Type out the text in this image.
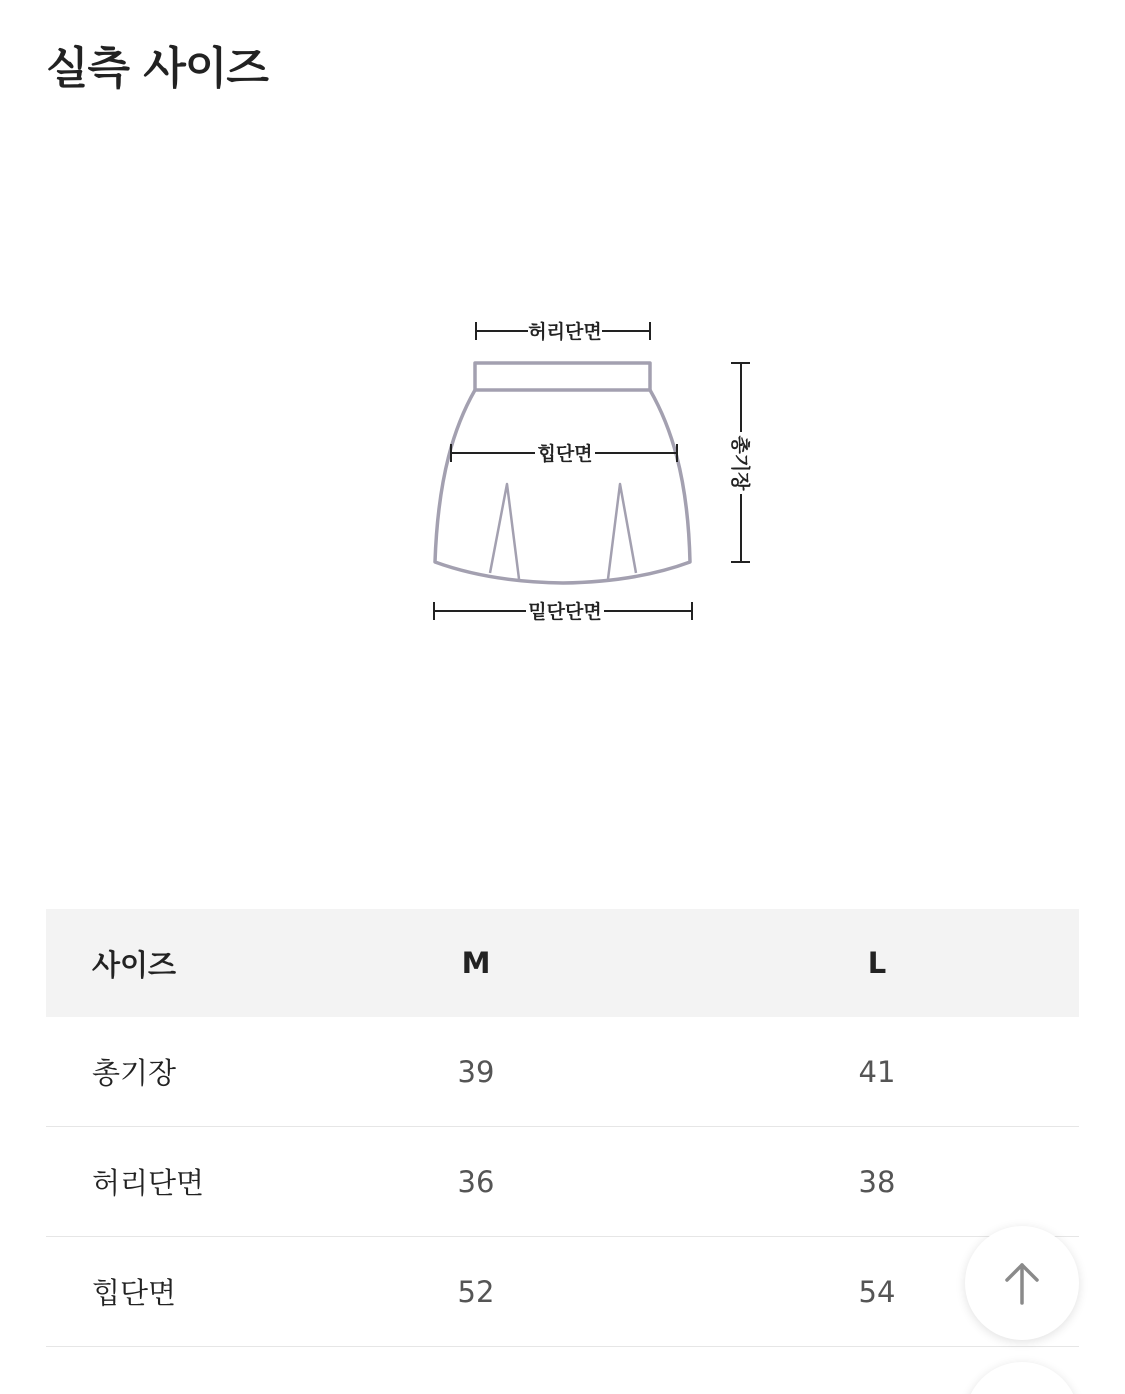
실측 사이즈
허리단면
힙단면
밑단단면
총기장
사이즈	M	L
총기장	39	41
허리단면	36	38
힙단면	52	54
